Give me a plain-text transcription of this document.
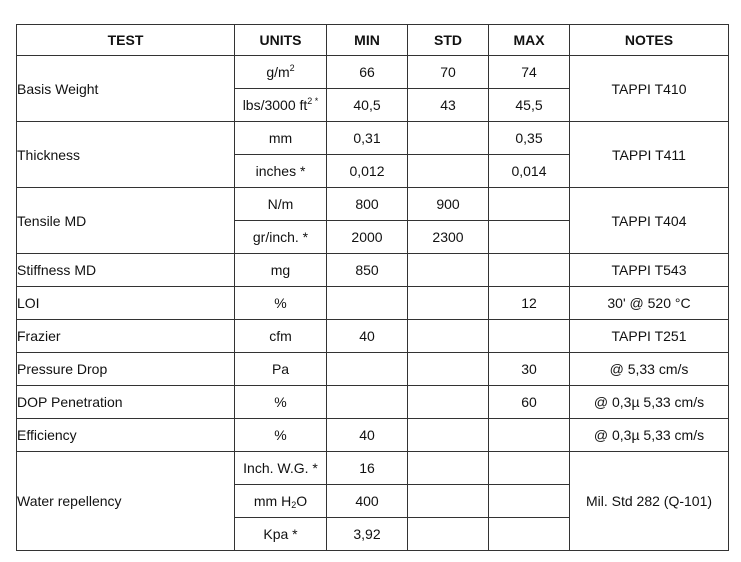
TEST	UNITS	MIN	STD	MAX	NOTES
Basis Weight	$g/m^2$	66	70	74	TAPPI T410
	lbs/3000 $ft^{2 *}$	40,5	43	45,5	
Thickness	mm	0,31		0,35	TAPPI T411
	inches *	0,012		0,014	
Tensile MD	N/m	800	900		TAPPI T404
	gr/inch. *	2000	2300		
Stiffness MD	mg	850			TAPPI T543
LOI	%			12	30' @ 520 °C
Frazier	cfm	40			TAPPI T251
Pressure Drop	Pa			30	@ 5,33 cm/s
DOP Penetration	%			60	@ 0,3µ 5,33 cm/s
Efficiency	%	40			@ 0,3µ 5,33 cm/s
Water repellency	Inch. W.G. *	16			Mil. Std 282 (Q-101)
	mm $H_2O$	400			
	Kpa *	3,92			
